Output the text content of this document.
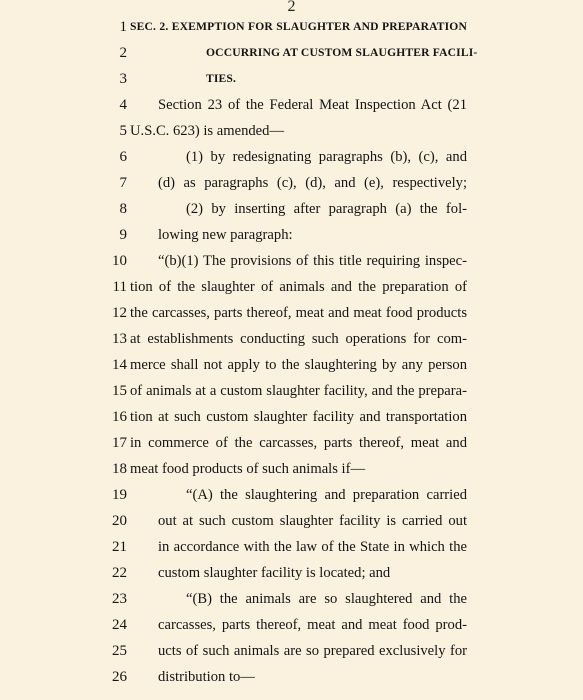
2
1
2
3
4
5
6
7
8
9
10
11
12
13
14
15
16
17
18
19
20
21
22
23
24
25
26
SEC. 2. EXEMPTION FOR SLAUGHTER AND PREPARATION
OCCURRING AT CUSTOM SLAUGHTER FACILI-
TIES.
Section 23 of the Federal Meat Inspection Act (21
U.S.C. 623) is amended—
(1) by redesignating paragraphs (b), (c), and
(d) as paragraphs (c), (d), and (e), respectively;
(2) by inserting after paragraph (a) the fol-
lowing new paragraph:
“(b)(1) The provisions of this title requiring inspec-
tion of the slaughter of animals and the preparation of
the carcasses, parts thereof, meat and meat food products
at establishments conducting such operations for com-
merce shall not apply to the slaughtering by any person
of animals at a custom slaughter facility, and the prepara-
tion at such custom slaughter facility and transportation
in commerce of the carcasses, parts thereof, meat and
meat food products of such animals if—
“(A) the slaughtering and preparation carried
out at such custom slaughter facility is carried out
in accordance with the law of the State in which the
custom slaughter facility is located; and
“(B) the animals are so slaughtered and the
carcasses, parts thereof, meat and meat food prod-
ucts of such animals are so prepared exclusively for
distribution to—
